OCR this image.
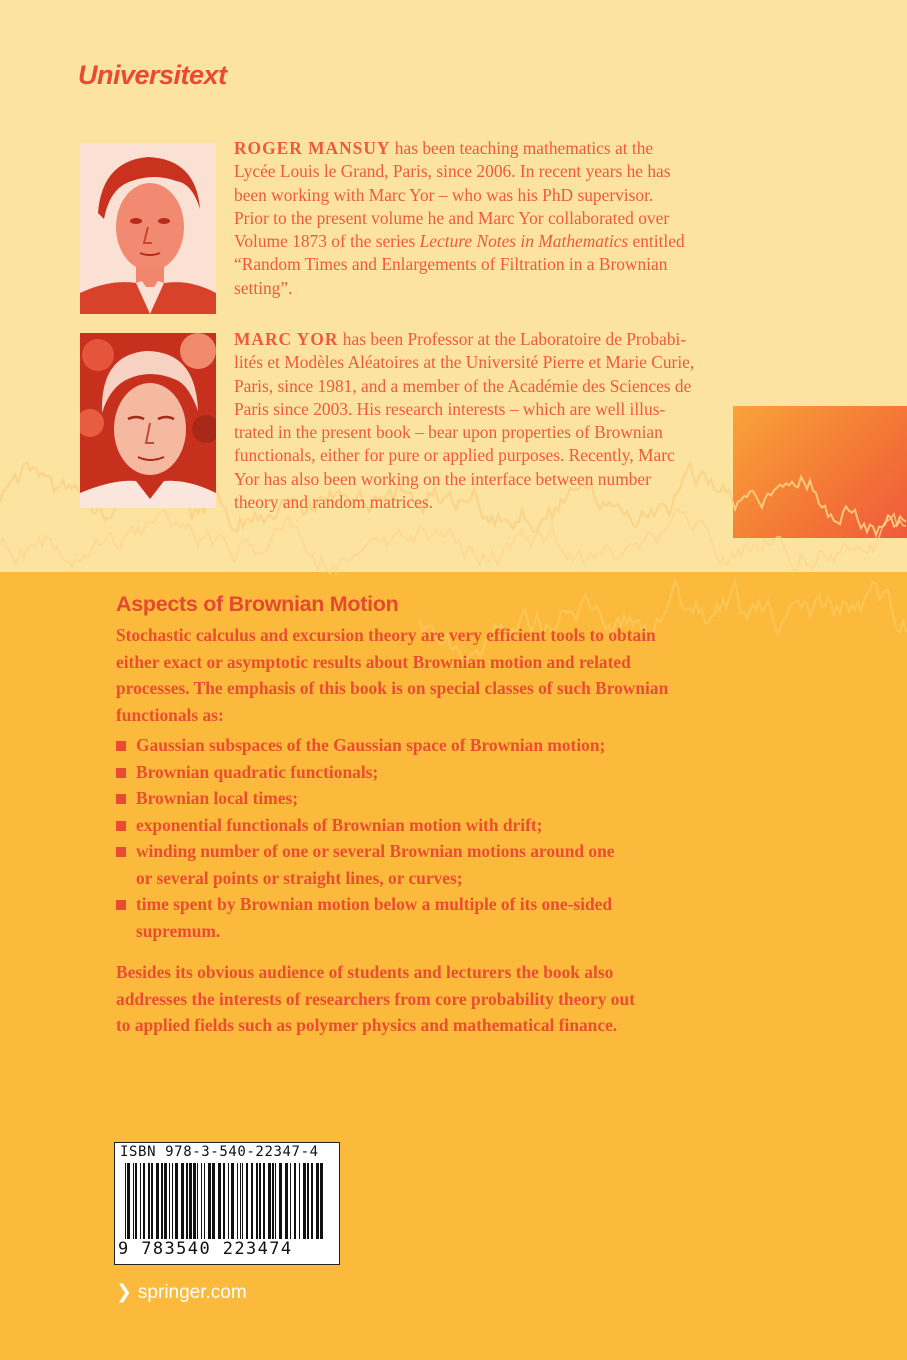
Universitext

ROGER MANSUY has been teaching mathematics at the
Lycée Louis le Grand, Paris, since 2006. In recent years he has
been working with Marc Yor – who was his PhD supervisor.
Prior to the present volume he and Marc Yor collaborated over
Volume 1873 of the series Lecture Notes in Mathematics entitled
“Random Times and Enlargements of Filtration in a Brownian
setting”.

MARC YOR has been Professor at the Laboratoire de Probabi-
lités et Modèles Aléatoires at the Université Pierre et Marie Curie,
Paris, since 1981, and a member of the Académie des Sciences de
Paris since 2003. His research interests – which are well illus-
trated in the present book – bear upon properties of Brownian
functionals, either for pure or applied purposes. Recently, Marc
Yor has also been working on the interface between number
theory and random matrices.

Aspects of Brownian Motion

Stochastic calculus and excursion theory are very efficient tools to obtain
either exact or asymptotic results about Brownian motion and related
processes. The emphasis of this book is on special classes of such Brownian
functionals as:

Gaussian subspaces of the Gaussian space of Brownian motion;
Brownian quadratic functionals;
Brownian local times;
exponential functionals of Brownian motion with drift;
winding number of one or several Brownian motions around one
or several points or straight lines, or curves;
time spent by Brownian motion below a multiple of its one-sided
supremum.

Besides its obvious audience of students and lecturers the book also
addresses the interests of researchers from core probability theory out
to applied fields such as polymer physics and mathematical finance.

ISBN 978-3-540-22347-4

9 783540 223474

❯ springer.com
